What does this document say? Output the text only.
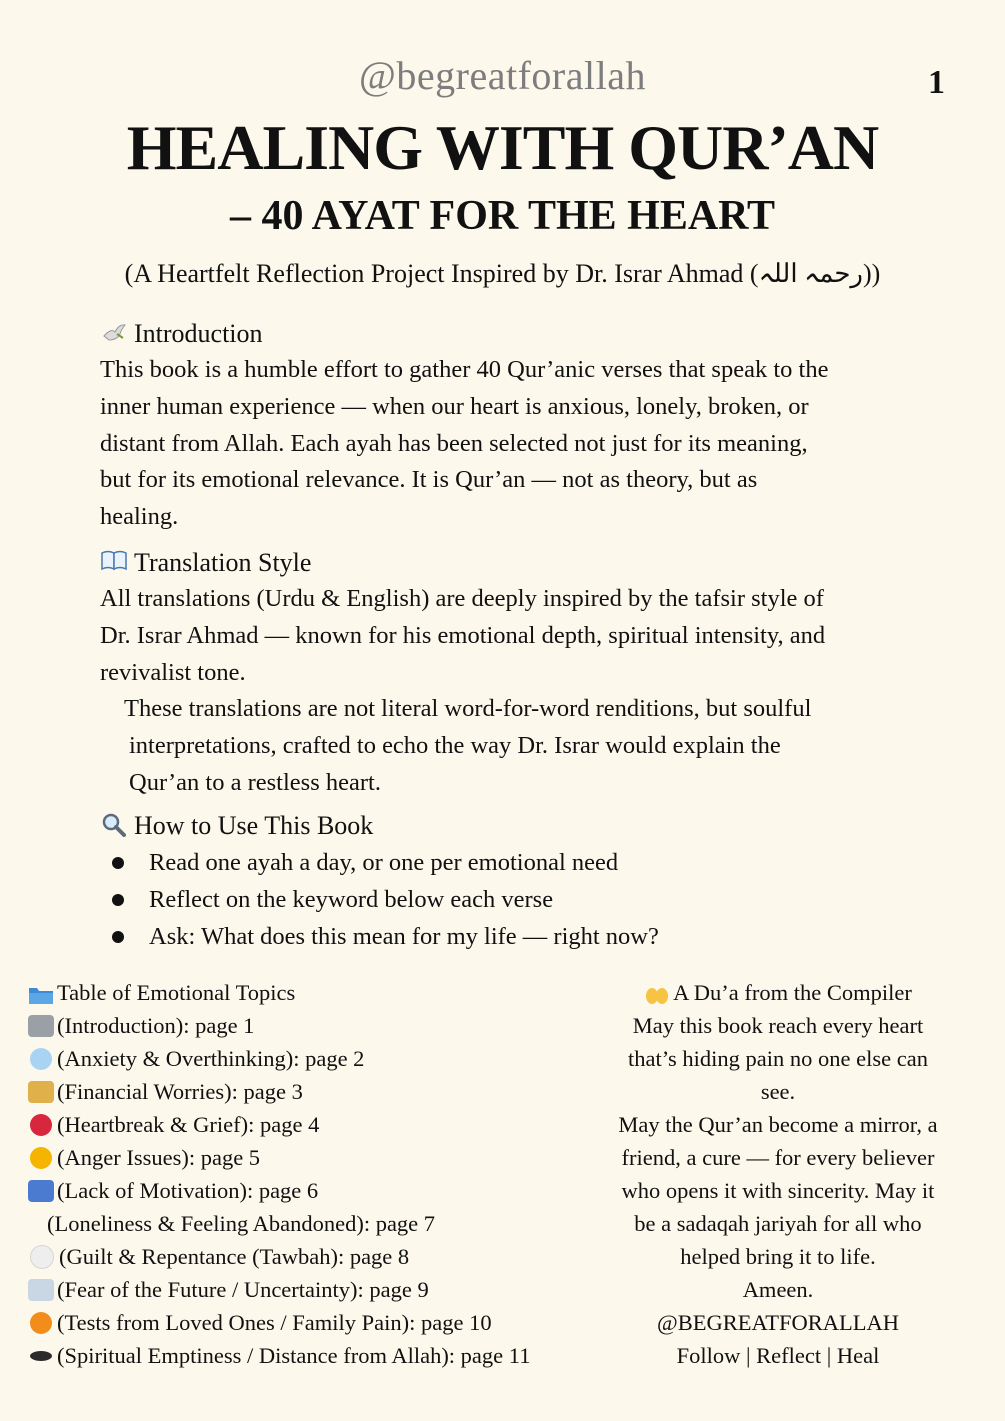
@begreatforallah	1
HEALING WITH QUR’AN
– 40 AYAT FOR THE HEART
(A Heartfelt Reflection Project Inspired by Dr. Israr Ahmad (رحمہ اللہ))
Introduction
This book is a humble effort to gather 40 Qur’anic verses that speak to the
inner human experience — when our heart is anxious, lonely, broken, or
distant from Allah. Each ayah has been selected not just for its meaning,
but for its emotional relevance. It is Qur’an — not as theory, but as
healing.
Translation Style
All translations (Urdu & English) are deeply inspired by the tafsir style of
Dr. Israr Ahmad — known for his emotional depth, spiritual intensity, and
revivalist tone.
These translations are not literal word-for-word renditions, but soulful
interpretations, crafted to echo the way Dr. Israr would explain the
Qur’an to a restless heart.
How to Use This Book
Read one ayah a day, or one per emotional need
Reflect on the keyword below each verse
Ask: What does this mean for my life — right now?
Table of Emotional Topics
(Introduction): page 1
(Anxiety & Overthinking): page 2
(Financial Worries): page 3
(Heartbreak & Grief): page 4
(Anger Issues): page 5
(Lack of Motivation): page 6
(Loneliness & Feeling Abandoned): page 7
(Guilt & Repentance (Tawbah): page 8
(Fear of the Future / Uncertainty): page 9
(Tests from Loved Ones / Family Pain): page 10
(Spiritual Emptiness / Distance from Allah): page 11
A Du’a from the Compiler
May this book reach every heart
that’s hiding pain no one else can
see.
May the Qur’an become a mirror, a
friend, a cure — for every believer
who opens it with sincerity. May it
be a sadaqah jariyah for all who
helped bring it to life.
Ameen.
@BEGREATFORALLAH
Follow | Reflect | Heal
